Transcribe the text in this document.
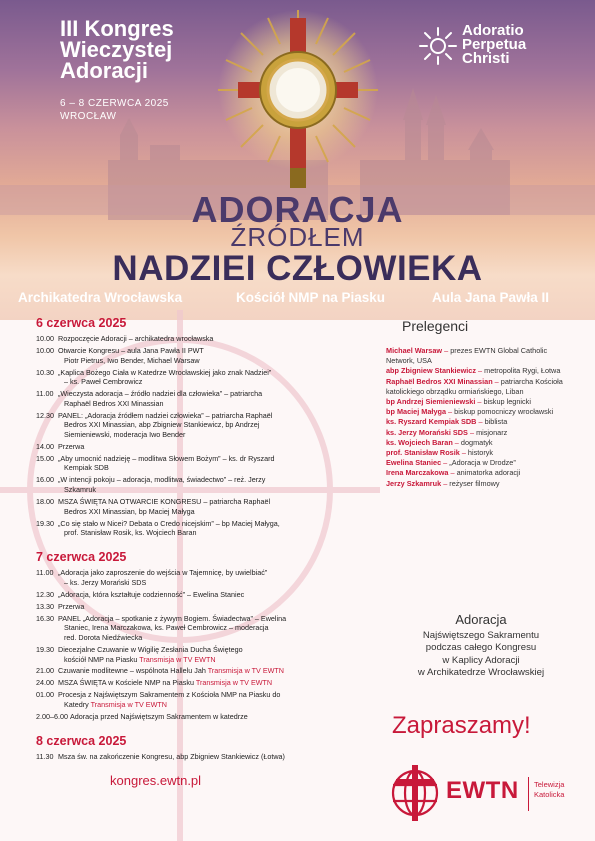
III Kongres
Wieczystej
Adoracji
6 – 8 CZERWCA 2025
WROCŁAW
Adoratio
Perpetua
Christi
ADORACJA
ŹRÓDŁEM
NADZIEI CZŁOWIEKA
Archikatedra Wrocławska	Kościół NMP na Piasku	Aula Jana Pawła II
6 czerwca 2025
10.00 Rozpoczęcie Adoracji – archikatedra wrocławska
10.00 Otwarcie Kongresu – aula Jana Pawła II PWT
Piotr Pietrus, Iwo Bender, Michael Warsaw
10.30 „Kaplica Bożego Ciała w Katedrze Wrocławskiej jako znak Nadziei”
– ks. Paweł Cembrowicz
11.00 „Wieczysta adoracja – źródło nadziei dla człowieka” – patriarcha
Raphaël Bedros XXI Minassian
12.30 PANEL: „Adoracja źródłem nadziei człowieka” – patriarcha Raphaël
Bedros XXI Minassian, abp Zbigniew Stankiewicz, bp Andrzej
Siemieniewski, moderacja Iwo Bender
14.00 Przerwa
15.00 „Aby umocnić nadzieję – modlitwa Słowem Bożym” – ks. dr Ryszard
Kempiak SDB
16.00 „W intencji pokoju – adoracja, modlitwa, świadectwo” – reż. Jerzy
Szkamruk
18.00 MSZA ŚWIĘTA NA OTWARCIE KONGRESU – patriarcha Raphaël
Bedros XXI Minassian, bp Maciej Małyga
19.30 „Co się stało w Nicei? Debata o Credo nicejskim” – bp Maciej Małyga,
prof. Stanisław Rosik, ks. Wojciech Baran
7 czerwca 2025
11.00 „Adoracja jako zaproszenie do wejścia w Tajemnicę, by uwielbiać”
– ks. Jerzy Morański SDS
12.30 „Adoracja, która kształtuje codzienność” – Ewelina Staniec
13.30 Przerwa
16.30 PANEL „Adoracja – spotkanie z żywym Bogiem. Świadectwa” – Ewelina
Staniec, Irena Marczakowa, ks. Paweł Cembrowicz – moderacja
red. Dorota Niedźwiecka
19.30 Diecezjalne Czuwanie w Wigilię Zesłania Ducha Świętego
kościół NMP na Piasku Transmisja w TV EWTN
21.00 Czuwanie modlitewne – wspólnota Hallelu Jah Transmisja w TV EWTN
24.00 MSZA ŚWIĘTA w Kościele NMP na Piasku Transmisja w TV EWTN
01.00 Procesja z Najświętszym Sakramentem z Kościoła NMP na Piasku do
Katedry Transmisja w TV EWTN
2.00–6.00 Adoracja przed Najświętszym Sakramentem w katedrze
8 czerwca 2025
11.30 Msza św. na zakończenie Kongresu, abp Zbigniew Stankiewicz (Łotwa)
kongres.ewtn.pl
Prelegenci
Michael Warsaw – prezes EWTN Global Catholic Network, USA
abp Zbigniew Stankiewicz – metropolita Rygi, Łotwa
Raphaël Bedros XXI Minassian – patriarcha Kościoła katolickiego obrządku ormiańskiego, Liban
bp Andrzej Siemieniewski – biskup legnicki
bp Maciej Małyga – biskup pomocniczy wrocławski
ks. Ryszard Kempiak SDB – biblista
ks. Jerzy Morański SDS – misjonarz
ks. Wojciech Baran – dogmatyk
prof. Stanisław Rosik – historyk
Ewelina Staniec – „Adoracja w Drodze”
Irena Marczakowa – animatorka adoracji
Jerzy Szkamruk – reżyser filmowy
Adoracja
Najświętszego Sakramentu
podczas całego Kongresu
w Kaplicy Adoracji
w Archikatedrze Wrocławskiej
Zapraszamy!
EWTN Telewizja
Katolicka
